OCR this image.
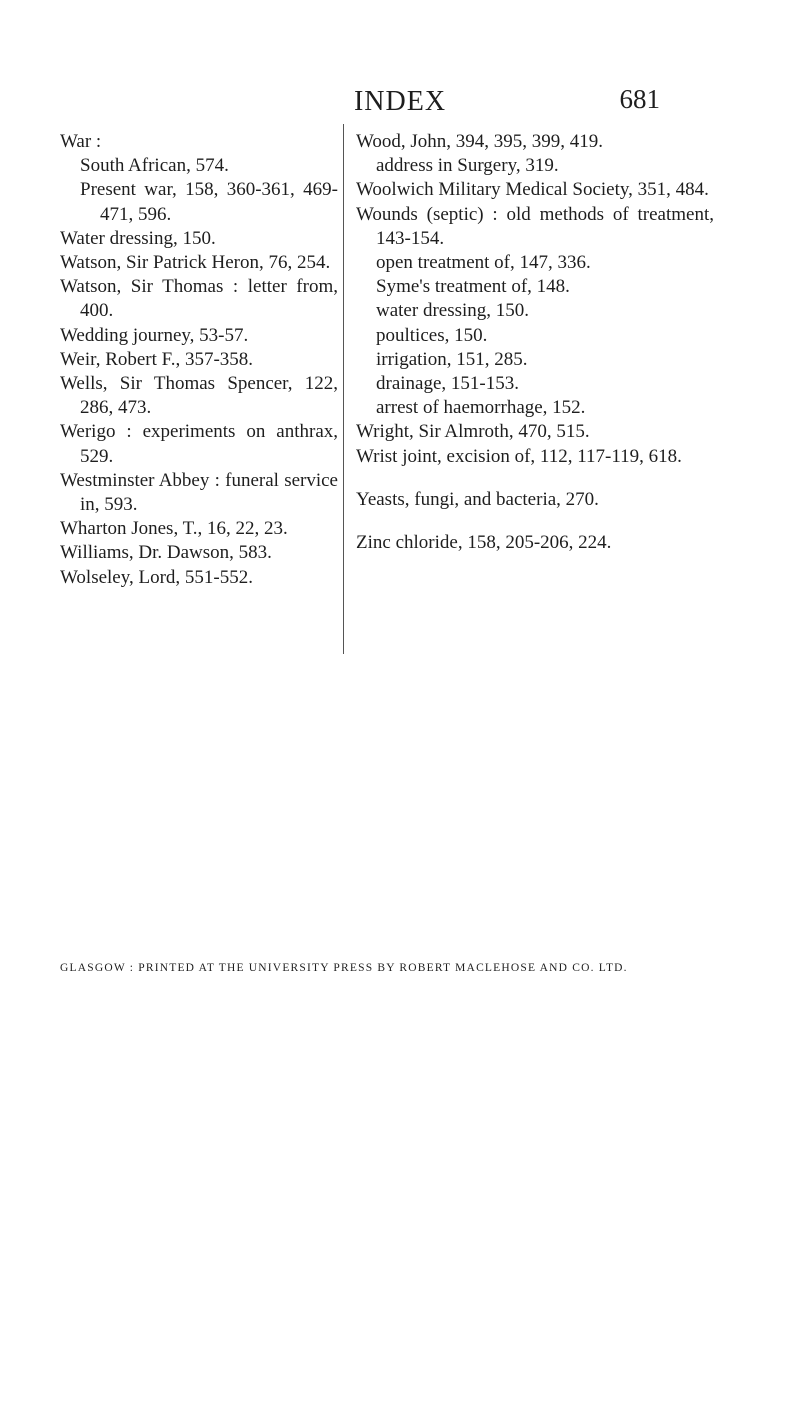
INDEX	681
War :
South African, 574.
Present war, 158, 360-361, 469-471, 596.
Water dressing, 150.
Watson, Sir Patrick Heron, 76, 254.
Watson, Sir Thomas : letter from, 400.
Wedding journey, 53-57.
Weir, Robert F., 357-358.
Wells, Sir Thomas Spencer, 122, 286, 473.
Werigo : experiments on anthrax, 529.
Westminster Abbey : funeral service in, 593.
Wharton Jones, T., 16, 22, 23.
Williams, Dr. Dawson, 583.
Wolseley, Lord, 551-552.
Wood, John, 394, 395, 399, 419.
address in Surgery, 319.
Woolwich Military Medical Society, 351, 484.
Wounds (septic) : old methods of treatment, 143-154.
open treatment of, 147, 336.
Syme's treatment of, 148.
water dressing, 150.
poultices, 150.
irrigation, 151, 285.
drainage, 151-153.
arrest of haemorrhage, 152.
Wright, Sir Almroth, 470, 515.
Wrist joint, excision of, 112, 117-119, 618.
Yeasts, fungi, and bacteria, 270.
Zinc chloride, 158, 205-206, 224.
GLASGOW : PRINTED AT THE UNIVERSITY PRESS BY ROBERT MACLEHOSE AND CO. LTD.
